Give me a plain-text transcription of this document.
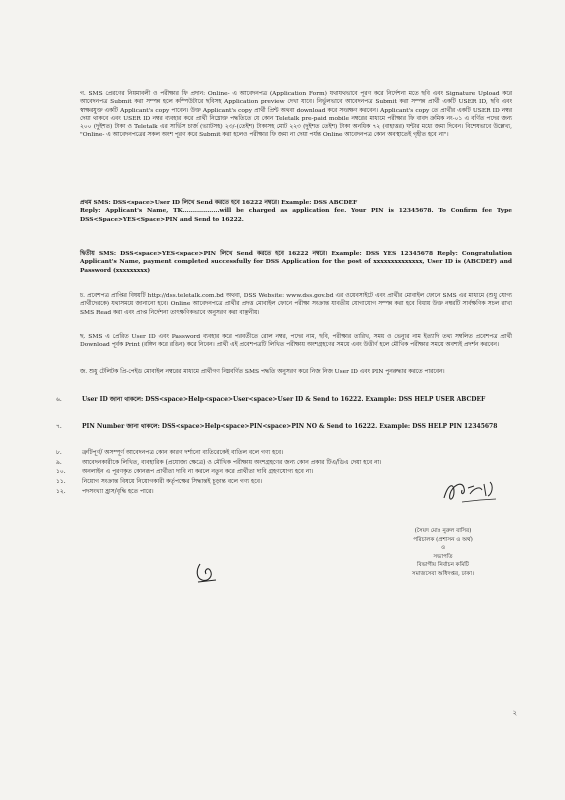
গ. SMS প্রেরণের নিয়মাবলী ও পরীক্ষার ফি প্রদান: Online- এ আবেদনপত্র (Application Form) যথাযথভাবে পূরণ করে নির্দেশনা মতে ছবি এবং Signature Upload করে আবেদনপত্র Submit করা সম্পন্ন হলে কম্পিউটারে ছবিসহ Application preview দেখা যাবে। নির্ভুলভাবে আবেদনপত্র Submit করা সম্পন্ন প্রার্থী একটি USER ID, ছবি এবং স্বাক্ষরযুক্ত একটি Applicant's copy পাবেন। উক্ত Applicant's copy প্রার্থী প্রিন্ট অথবা download করে সংরক্ষণ করবেন। Applicant's copy তে প্রার্থীর একটি USER ID নম্বর দেয়া থাকবে এবং USER ID নম্বর ব্যবহার করে প্রার্থী নিম্নোক্ত পদ্ধতিতে যে কোন Teletalk pre-paid mobile নম্বরের মাধ্যমে পরীক্ষার ফি বাবদ ক্রমিক নং-০১ এ বর্ণিত পদের জন্য ২০০ (দুইশত) টাকা ও Teletalk এর সার্ভিস চার্জ (ভ্যাটসহ) ২৩/-(তেইশ) টাকাসহ মোট ২২৩ (দুইশত তেইশ) টাকা অনধিক ৭২ (বাহাত্তর) ঘন্টার মধ্যে জমা দিবেন। বিশেষভাবে উল্লেখ্য, "Online- এ আবেদনপত্রের সকল অংশ পূরণ করে Submit করা হলেও পরীক্ষার ফি জমা না দেয়া পর্যন্ত Online আবেদনপত্র কোন অবস্থাতেই গৃহীত হবে না"।

প্রথম SMS: DSS<space>User ID লিখে Send করতে হবে 16222 নম্বরে। Example: DSS ABCDEF

Reply: Applicant's Name, TK..................will be charged as application fee. Your PIN is 12345678. To Confirm fee Type DSS<Space>YES<Space>PIN and Send to 16222.

দ্বিতীয় SMS: DSS<space>YES<space>PIN লিখে Send করতে হবে 16222 নম্বরে। Example: DSS YES 12345678 Reply: Congratulation Applicant's Name, payment completed successfully for DSS Application for the post of xxxxxxxxxxxxxx, User ID is (ABCDEF) and Password (xxxxxxxxx)

চ. প্রবেশপত্র প্রাপ্তির বিষয়টি http://dss.teletalk.com.bd অথবা, DSS Website: www.dss.gov.bd এর ওয়েবসাইটে এবং প্রার্থীর মোবাইল ফোনে SMS এর মাধ্যমে (শুধু যোগ্য প্রার্থীদেরকে) যথাসময়ে জানানো হবে। Online আবেদনপত্রে প্রার্থীর প্রদত্ত মোবাইল ফোনে পরীক্ষা সংক্রান্ত যাবতীয় যোগাযোগ সম্পন্ন করা হবে বিধায় উক্ত নম্বরটি সার্বক্ষণিক সচল রাখা SMS Read করা এবং প্রাপ্ত নির্দেশনা তাৎক্ষণিকভাবে অনুসরণ করা বাঞ্ছনীয়।

ছ. SMS এ প্রেরিত User ID এবং Password ব্যবহার করে পরবর্তীতে রোল নম্বর, পদের নাম, ছবি, পরীক্ষার তারিখ, সময় ও ভেন্যুর নাম ইত্যাদি তথ্য সম্বলিত প্রবেশপত্র প্রার্থী Download পূর্বক Print (রঙ্গিন করে রঙিন) করে নিবেন। প্রার্থী এই প্রবেশপত্রটি লিখিত পরীক্ষায় অংশগ্রহণের সময়ে এবং উত্তীর্ণ হলে মৌখিক পরীক্ষার সময়ে অবশ্যই প্রদর্শন করবেন।

জ. শুধু টেলিটক প্রি-পেইড মোবাইল নম্বরের মাধ্যমে প্রার্থীগণ নিম্নবর্ণিত SMS পদ্ধতি অনুসরণ করে নিজ নিজ User ID এবং PIN পুনরুদ্ধার করতে পারবেন।

৬.	User ID জানা থাকলে: DSS<space>Help<space>User<space>User ID & Send to 16222. Example: DSS HELP USER ABCDEF
৭.	PIN Number জানা থাকলে: DSS<space>Help<space>PIN<space>PIN NO & Send to 16222. Example: DSS HELP PIN 12345678
৮.	ত্রুটিপূর্ণ/ অসম্পূর্ণ আবেদনপত্র কোন কারণ দর্শানো ব্যতিরেকেই বাতিল বলে গণ্য হবে।
৯.	আবেদনকারীকে লিখিত, ব্যবহারিক (প্রযোজ্য ক্ষেত্রে) ও মৌখিক পরীক্ষায় অংশগ্রহণের জন্য কোন প্রকার টিএ/ডিএ দেয়া হবে না।
১০.	অনলাইন এ পূরণকৃত কোনরূপ প্রার্থীতা দাবি না করলে নতুন করে প্রার্থীতা দাবি গ্রহণযোগ্য হবে না।
১১.	নিয়োগ সংক্রান্ত বিষয়ে নিয়োগকারী কর্তৃপক্ষের সিদ্ধান্তই চূড়ান্ত বলে গণ্য হবে।
১২.	পদসংখ্যা হ্রাস/বৃদ্ধি হতে পারে।
(সৈয়দ মোঃ নুরুল বাসির)
পরিচালক (প্রশাসন ও অর্থ)
ও
সভাপতি
বিভাগীয় নির্বাচন কমিটি
সমাজসেবা অধিদপ্তর, ঢাকা।
২
